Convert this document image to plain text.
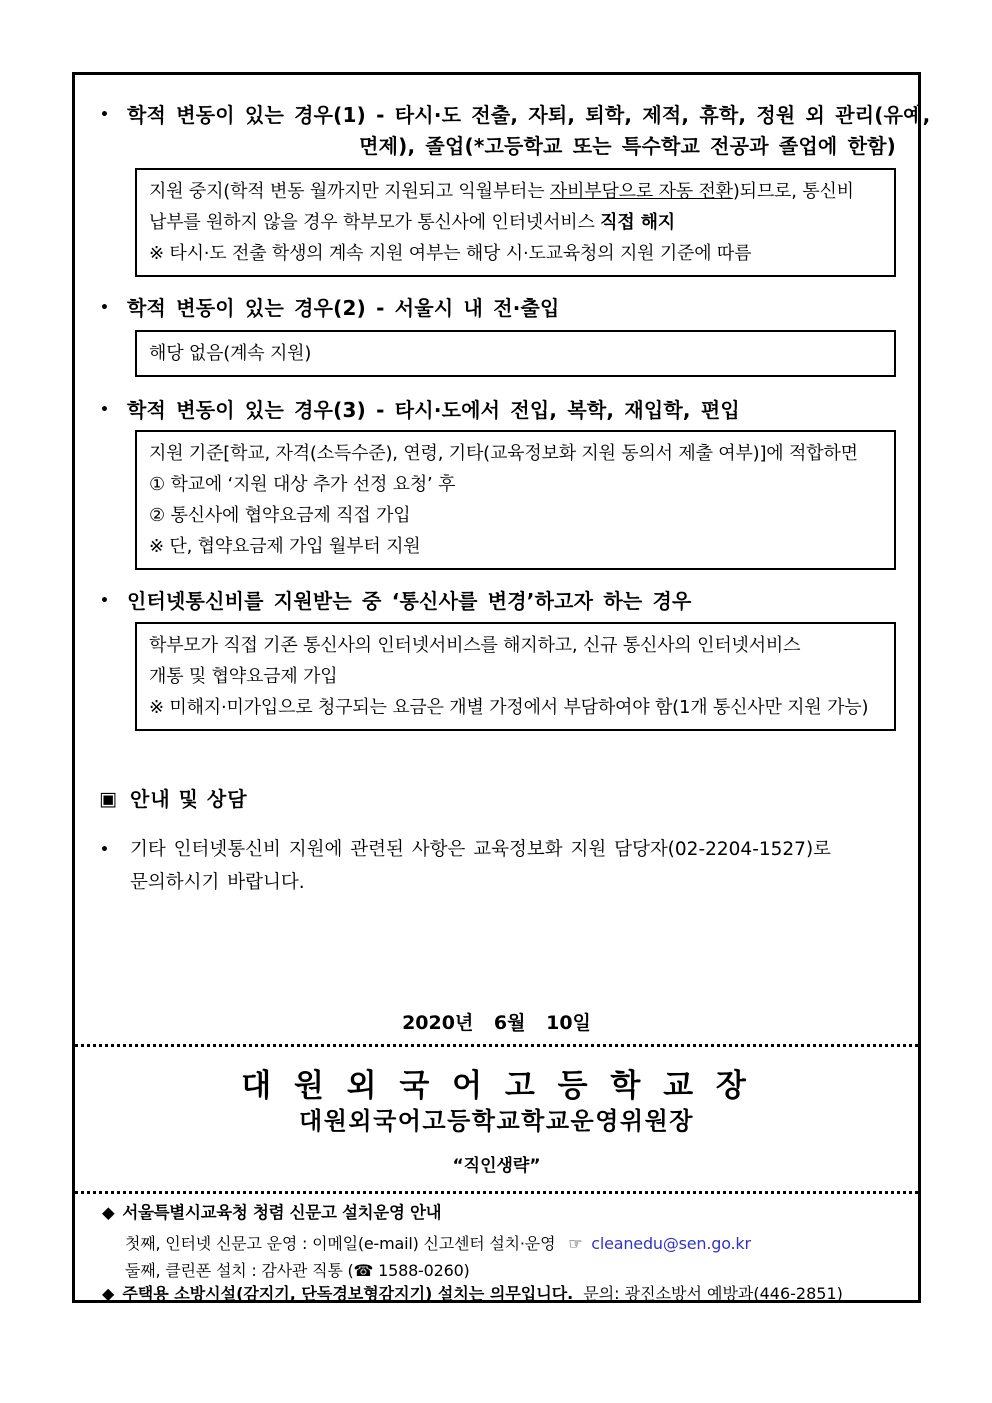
• 학적 변동이 있는 경우(1) - 타시·도 전출, 자퇴, 퇴학, 제적, 휴학, 정원 외 관리(유예,
면제), 졸업(*고등학교 또는 특수학교 전공과 졸업에 한함)
지원 중지(학적 변동 월까지만 지원되고 익월부터는 자비부담으로 자동 전환)되므로, 통신비
납부를 원하지 않을 경우 학부모가 통신사에 인터넷서비스 직접 해지
※ 타시·도 전출 학생의 계속 지원 여부는 해당 시·도교육청의 지원 기준에 따름
• 학적 변동이 있는 경우(2) - 서울시 내 전·출입
해당 없음(계속 지원)
• 학적 변동이 있는 경우(3) - 타시·도에서 전입, 복학, 재입학, 편입
지원 기준[학교, 자격(소득수준), 연령, 기타(교육정보화 지원 동의서 제출 여부)]에 적합하면
① 학교에 ‘지원 대상 추가 선정 요청’ 후
② 통신사에 협약요금제 직접 가입
※ 단, 협약요금제 가입 월부터 지원
• 인터넷통신비를 지원받는 중 ‘통신사를 변경’하고자 하는 경우
학부모가 직접 기존 통신사의 인터넷서비스를 해지하고, 신규 통신사의 인터넷서비스
개통 및 협약요금제 가입
※ 미해지·미가입으로 청구되는 요금은 개별 가정에서 부담하여야 함(1개 통신사만 지원 가능)
▣ 안내 및 상담
• 기타 인터넷통신비 지원에 관련된 사항은 교육정보화 지원 담당자(02-2204-1527)로
문의하시기 바랍니다.
2020년 6월 10일
대 원 외 국 어 고 등 학 교 장
대원외국어고등학교학교운영위원장
“직인생략”
◆ 서울특별시교육청 청렴 신문고 설치운영 안내
첫째, 인터넷 신문고 운영 : 이메일(e-mail) 신고센터 설치·운영 ☞ cleanedu@sen.go.kr
둘째, 클린폰 설치 : 감사관 직통 (☎ 1588-0260)
◆ 주택용 소방시설(감지기, 단독경보형감지기) 설치는 의무입니다. 문의: 광진소방서 예방과(446-2851)
